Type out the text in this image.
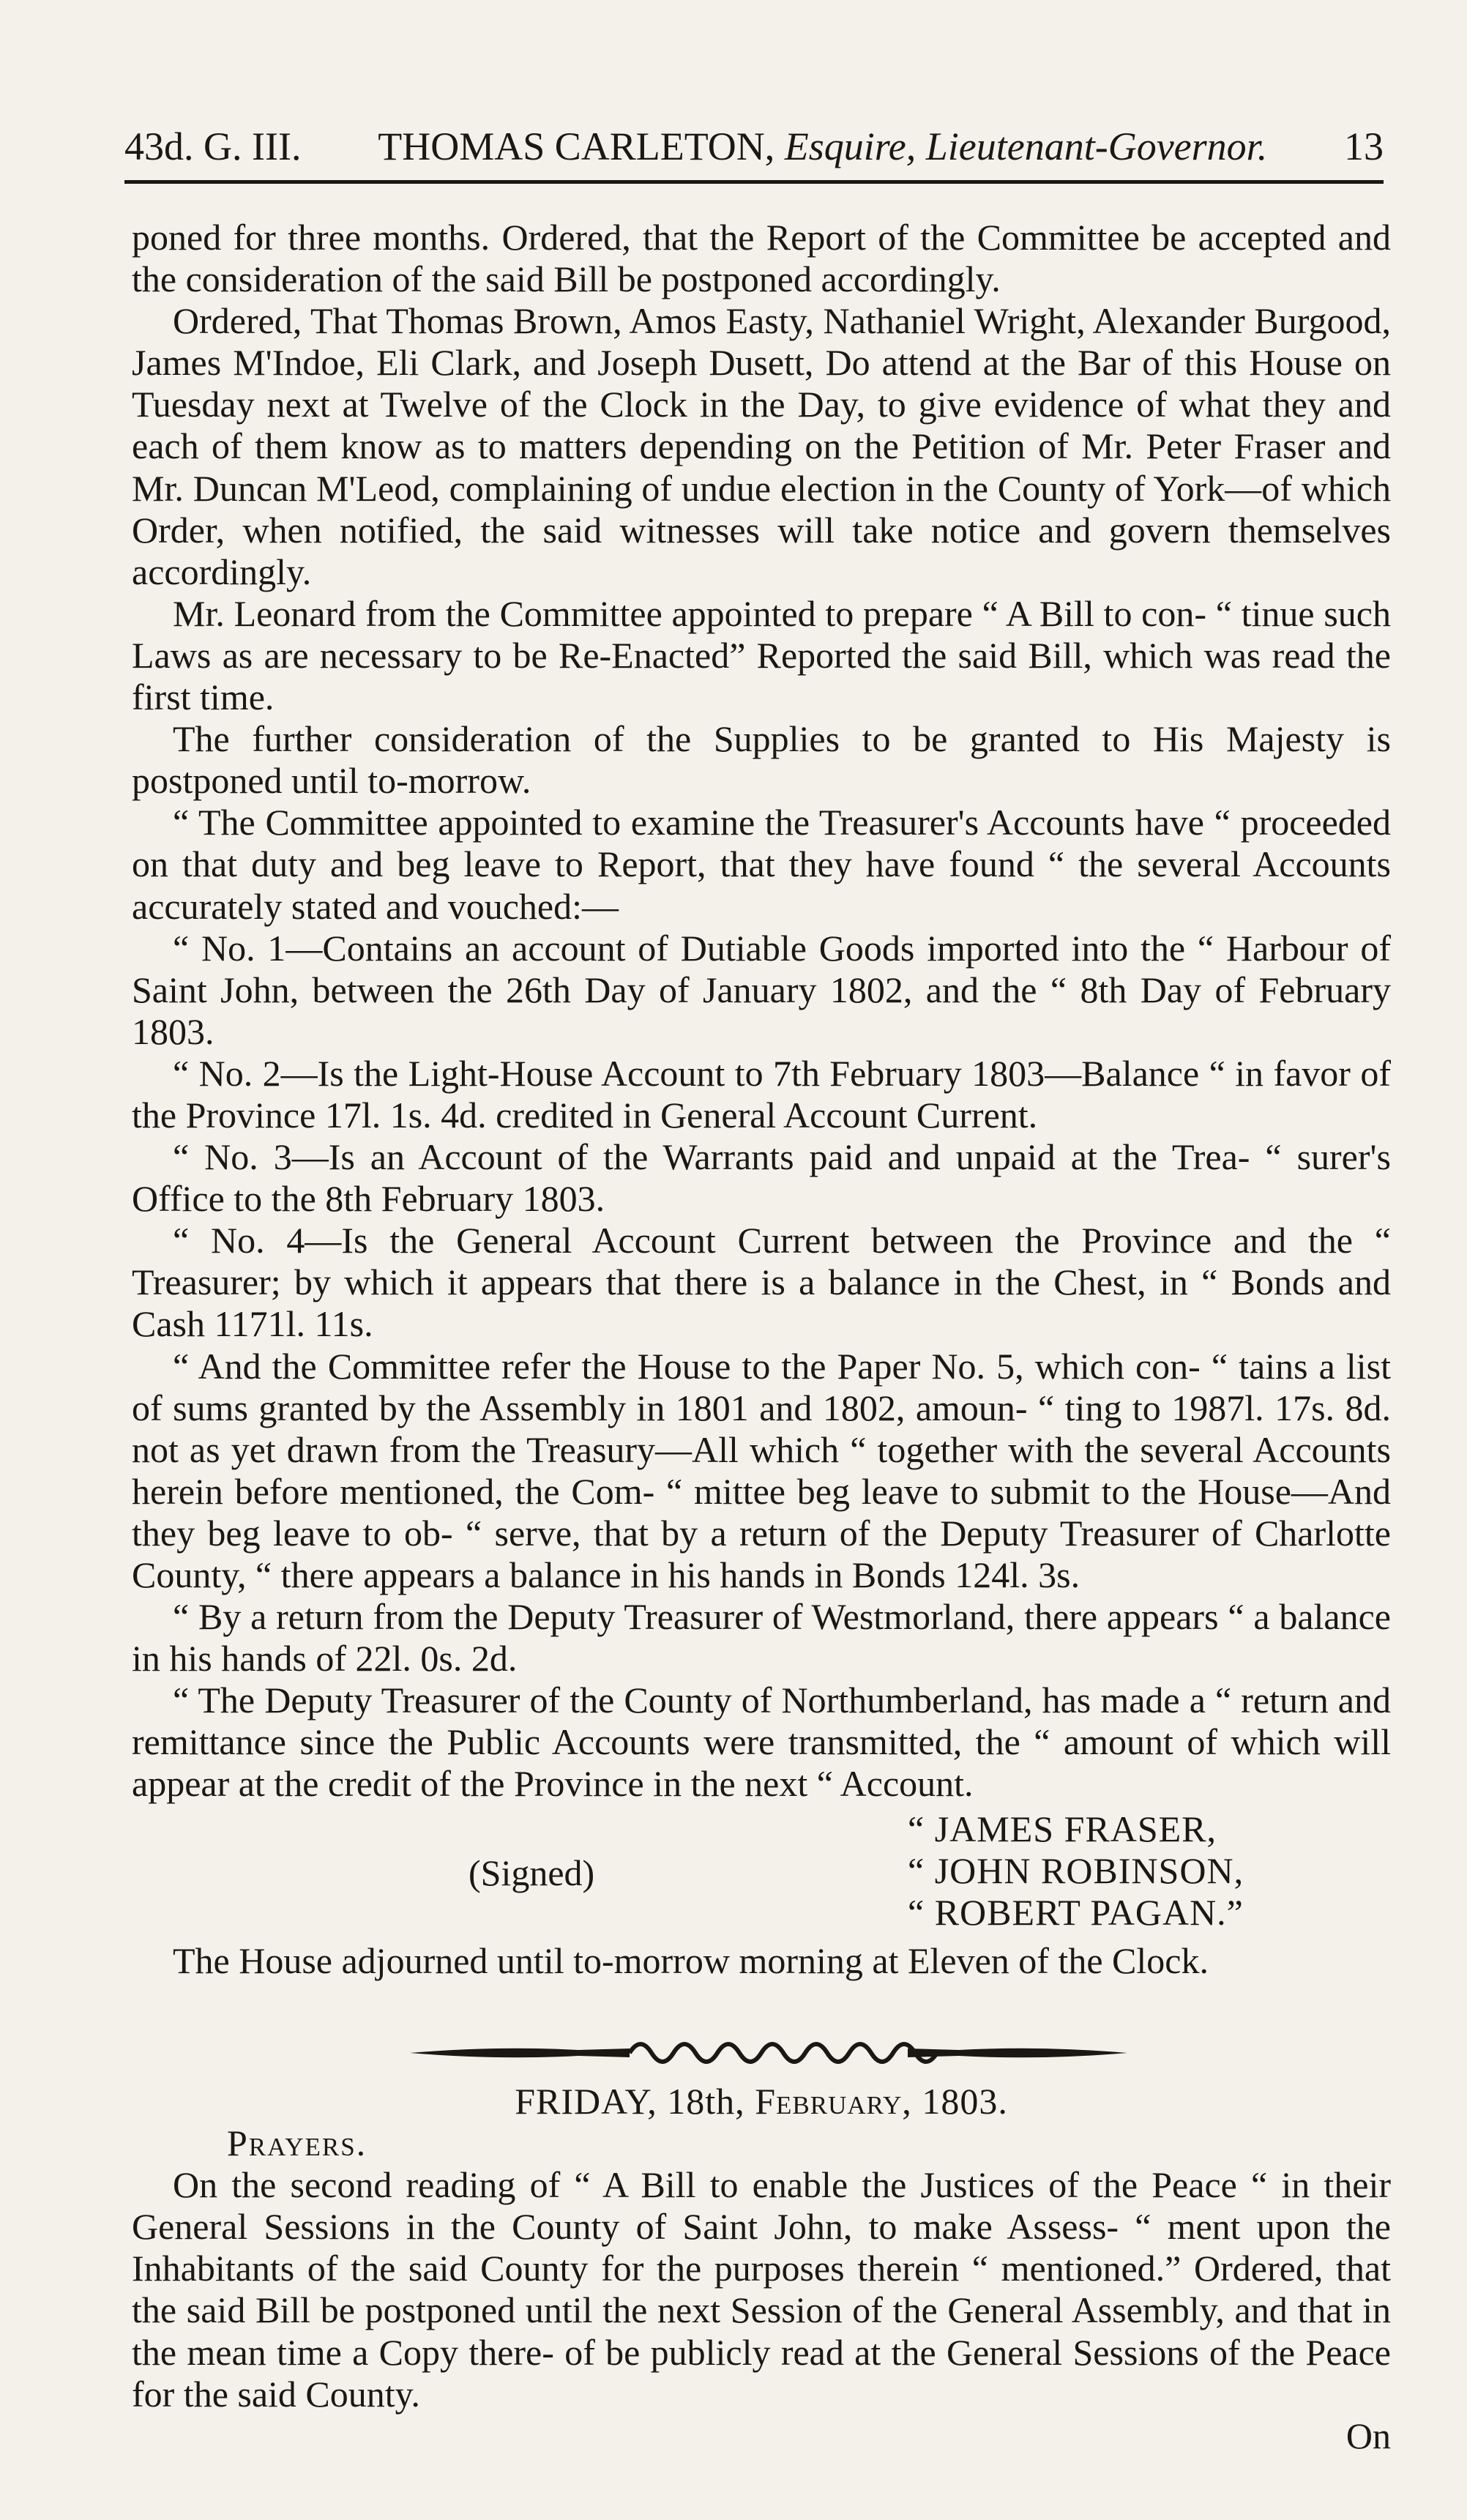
43d. G. III. THOMAS CARLETON, Esquire, Lieutenant-Governor. 13

poned for three months. Ordered, that the Report of the Committee be accepted and the consideration of the said Bill be postponed accordingly.

Ordered, That Thomas Brown, Amos Easty, Nathaniel Wright, Alexander Burgood, James M'Indoe, Eli Clark, and Joseph Dusett, Do attend at the Bar of this House on Tuesday next at Twelve of the Clock in the Day, to give evidence of what they and each of them know as to matters depending on the Petition of Mr. Peter Fraser and Mr. Duncan M'Leod, complaining of undue election in the County of York—of which Order, when notified, the said witnesses will take notice and govern themselves accordingly.

Mr. Leonard from the Committee appointed to prepare “ A Bill to con- “ tinue such Laws as are necessary to be Re-Enacted” Reported the said Bill, which was read the first time.

The further consideration of the Supplies to be granted to His Majesty is postponed until to-morrow.

“ The Committee appointed to examine the Treasurer's Accounts have “ proceeded on that duty and beg leave to Report, that they have found “ the several Accounts accurately stated and vouched:—

“ No. 1—Contains an account of Dutiable Goods imported into the “ Harbour of Saint John, between the 26th Day of January 1802, and the “ 8th Day of February 1803.

“ No. 2—Is the Light-House Account to 7th February 1803—Balance “ in favor of the Province 17l. 1s. 4d. credited in General Account Current.

“ No. 3—Is an Account of the Warrants paid and unpaid at the Trea- “ surer's Office to the 8th February 1803.

“ No. 4—Is the General Account Current between the Province and the “ Treasurer; by which it appears that there is a balance in the Chest, in “ Bonds and Cash 1171l. 11s.

“ And the Committee refer the House to the Paper No. 5, which con- “ tains a list of sums granted by the Assembly in 1801 and 1802, amoun- “ ting to 1987l. 17s. 8d. not as yet drawn from the Treasury—All which “ together with the several Accounts herein before mentioned, the Com- “ mittee beg leave to submit to the House—And they beg leave to ob- “ serve, that by a return of the Deputy Treasurer of Charlotte County, “ there appears a balance in his hands in Bonds 124l. 3s.

“ By a return from the Deputy Treasurer of Westmorland, there appears “ a balance in his hands of 22l. 0s. 2d.

“ The Deputy Treasurer of the County of Northumberland, has made a “ return and remittance since the Public Accounts were transmitted, the “ amount of which will appear at the credit of the Province in the next “ Account.

(Signed)
“ JAMES FRASER,
“ JOHN ROBINSON,
“ ROBERT PAGAN.”

The House adjourned until to-morrow morning at Eleven of the Clock.

FRIDAY, 18th, February, 1803.
Prayers.

On the second reading of “ A Bill to enable the Justices of the Peace “ in their General Sessions in the County of Saint John, to make Assess- “ ment upon the Inhabitants of the said County for the purposes therein “ mentioned.” Ordered, that the said Bill be postponed until the next Session of the General Assembly, and that in the mean time a Copy there- of be publicly read at the General Sessions of the Peace for the said County.

On
